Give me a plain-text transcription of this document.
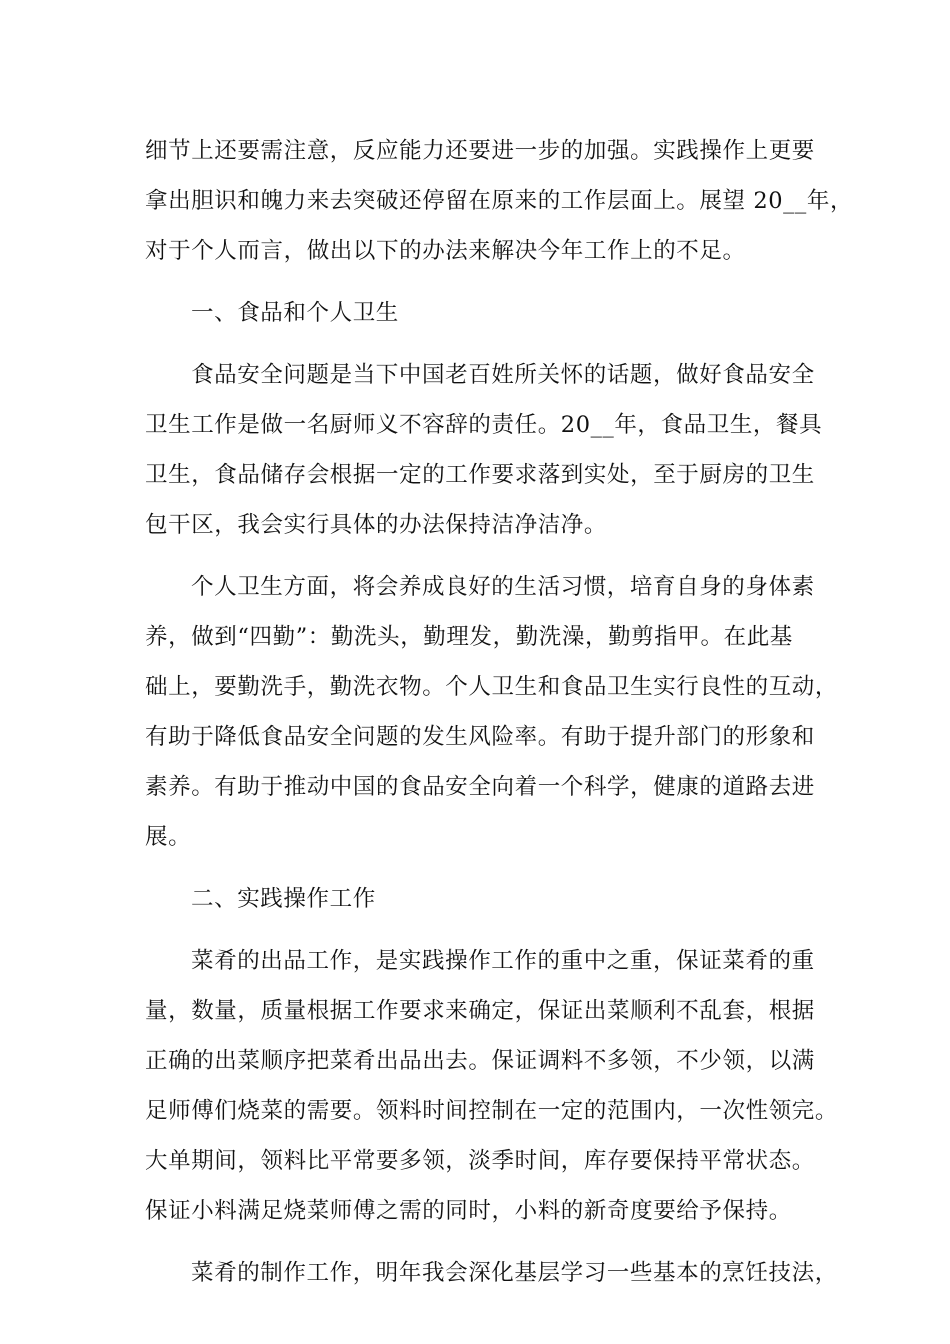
细节上还要需注意，反应能力还要进一步的加强。实践操作上更要
拿出胆识和魄力来去突破还停留在原来的工作层面上。展望 20__年，
对于个人而言，做出以下的办法来解决今年工作上的不足。
一、食品和个人卫生
食品安全问题是当下中国老百姓所关怀的话题，做好食品安全
卫生工作是做一名厨师义不容辞的责任。20__年，食品卫生，餐具
卫生，食品储存会根据一定的工作要求落到实处，至于厨房的卫生
包干区，我会实行具体的办法保持洁净洁净。
个人卫生方面，将会养成良好的生活习惯，培育自身的身体素
养，做到“四勤”：勤洗头，勤理发，勤洗澡，勤剪指甲。在此基
础上，要勤洗手，勤洗衣物。个人卫生和食品卫生实行良性的互动，
有助于降低食品安全问题的发生风险率。有助于提升部门的形象和
素养。有助于推动中国的食品安全向着一个科学，健康的道路去进
展。
二、实践操作工作
菜肴的出品工作，是实践操作工作的重中之重，保证菜肴的重
量，数量，质量根据工作要求来确定，保证出菜顺利不乱套，根据
正确的出菜顺序把菜肴出品出去。保证调料不多领，不少领，以满
足师傅们烧菜的需要。领料时间控制在一定的范围内，一次性领完。
大单期间，领料比平常要多领，淡季时间，库存要保持平常状态。
保证小料满足烧菜师傅之需的同时，小料的新奇度要给予保持。
菜肴的制作工作，明年我会深化基层学习一些基本的烹饪技法，
